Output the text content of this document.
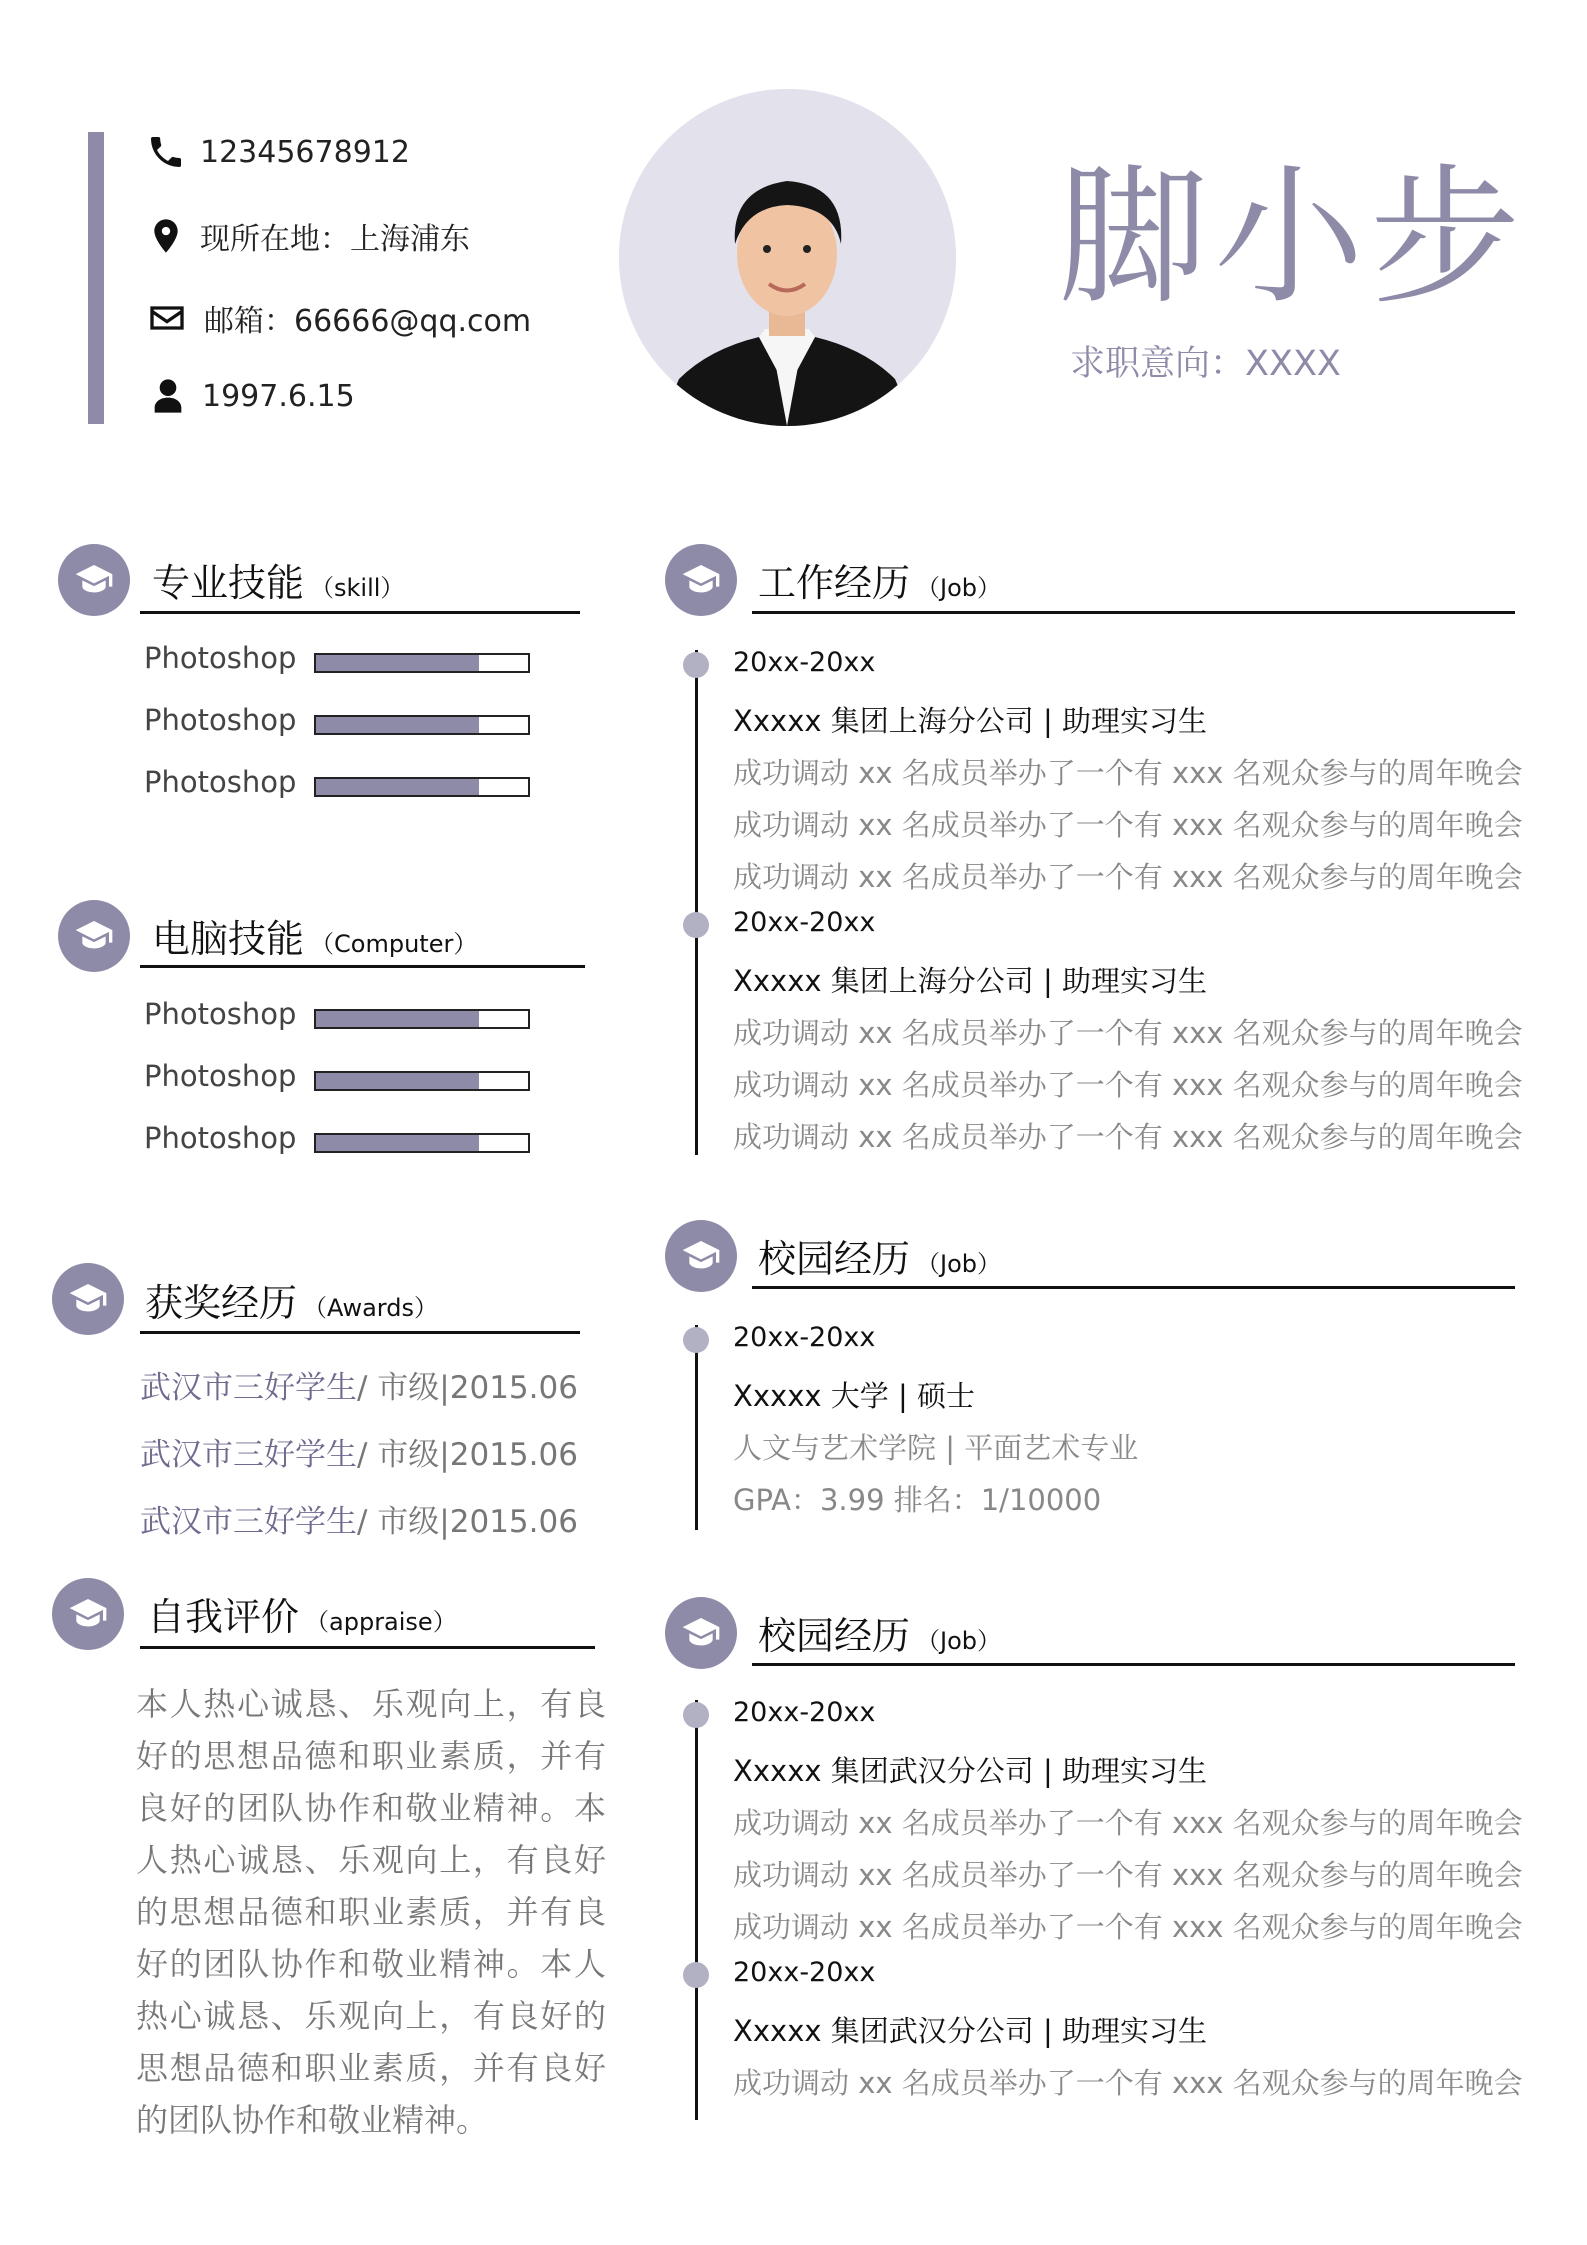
12345678912
现所在地：上海浦东
邮箱：66666@qq.com
1997.6.15
脚小步
求职意向：XXXX
专业技能 （skill）
Photoshop
Photoshop
Photoshop
电脑技能 （Computer）
Photoshop
Photoshop
Photoshop
获奖经历 （Awards）
武汉市三好学生/ 市级|2015.06
武汉市三好学生/ 市级|2015.06
武汉市三好学生/ 市级|2015.06
自我评价 （appraise）
本人热心诚恳、乐观向上，有良好的思想品德和职业素质，并有良好的团队协作和敬业精神。本人热心诚恳、乐观向上，有良好的思想品德和职业素质，并有良好的团队协作和敬业精神。本人热心诚恳、乐观向上，有良好的思想品德和职业素质，并有良好的团队协作和敬业精神。
工作经历 （Job）
20xx-20xx
Xxxxx 集团上海分公司 | 助理实习生
成功调动 xx 名成员举办了一个有 xxx 名观众参与的周年晚会
成功调动 xx 名成员举办了一个有 xxx 名观众参与的周年晚会
成功调动 xx 名成员举办了一个有 xxx 名观众参与的周年晚会
20xx-20xx
Xxxxx 集团上海分公司 | 助理实习生
成功调动 xx 名成员举办了一个有 xxx 名观众参与的周年晚会
成功调动 xx 名成员举办了一个有 xxx 名观众参与的周年晚会
成功调动 xx 名成员举办了一个有 xxx 名观众参与的周年晚会
校园经历 （Job）
20xx-20xx
Xxxxx 大学 | 硕士
人文与艺术学院 | 平面艺术专业
GPA：3.99 排名：1/10000
校园经历 （Job）
20xx-20xx
Xxxxx 集团武汉分公司 | 助理实习生
成功调动 xx 名成员举办了一个有 xxx 名观众参与的周年晚会
成功调动 xx 名成员举办了一个有 xxx 名观众参与的周年晚会
成功调动 xx 名成员举办了一个有 xxx 名观众参与的周年晚会
20xx-20xx
Xxxxx 集团武汉分公司 | 助理实习生
成功调动 xx 名成员举办了一个有 xxx 名观众参与的周年晚会
